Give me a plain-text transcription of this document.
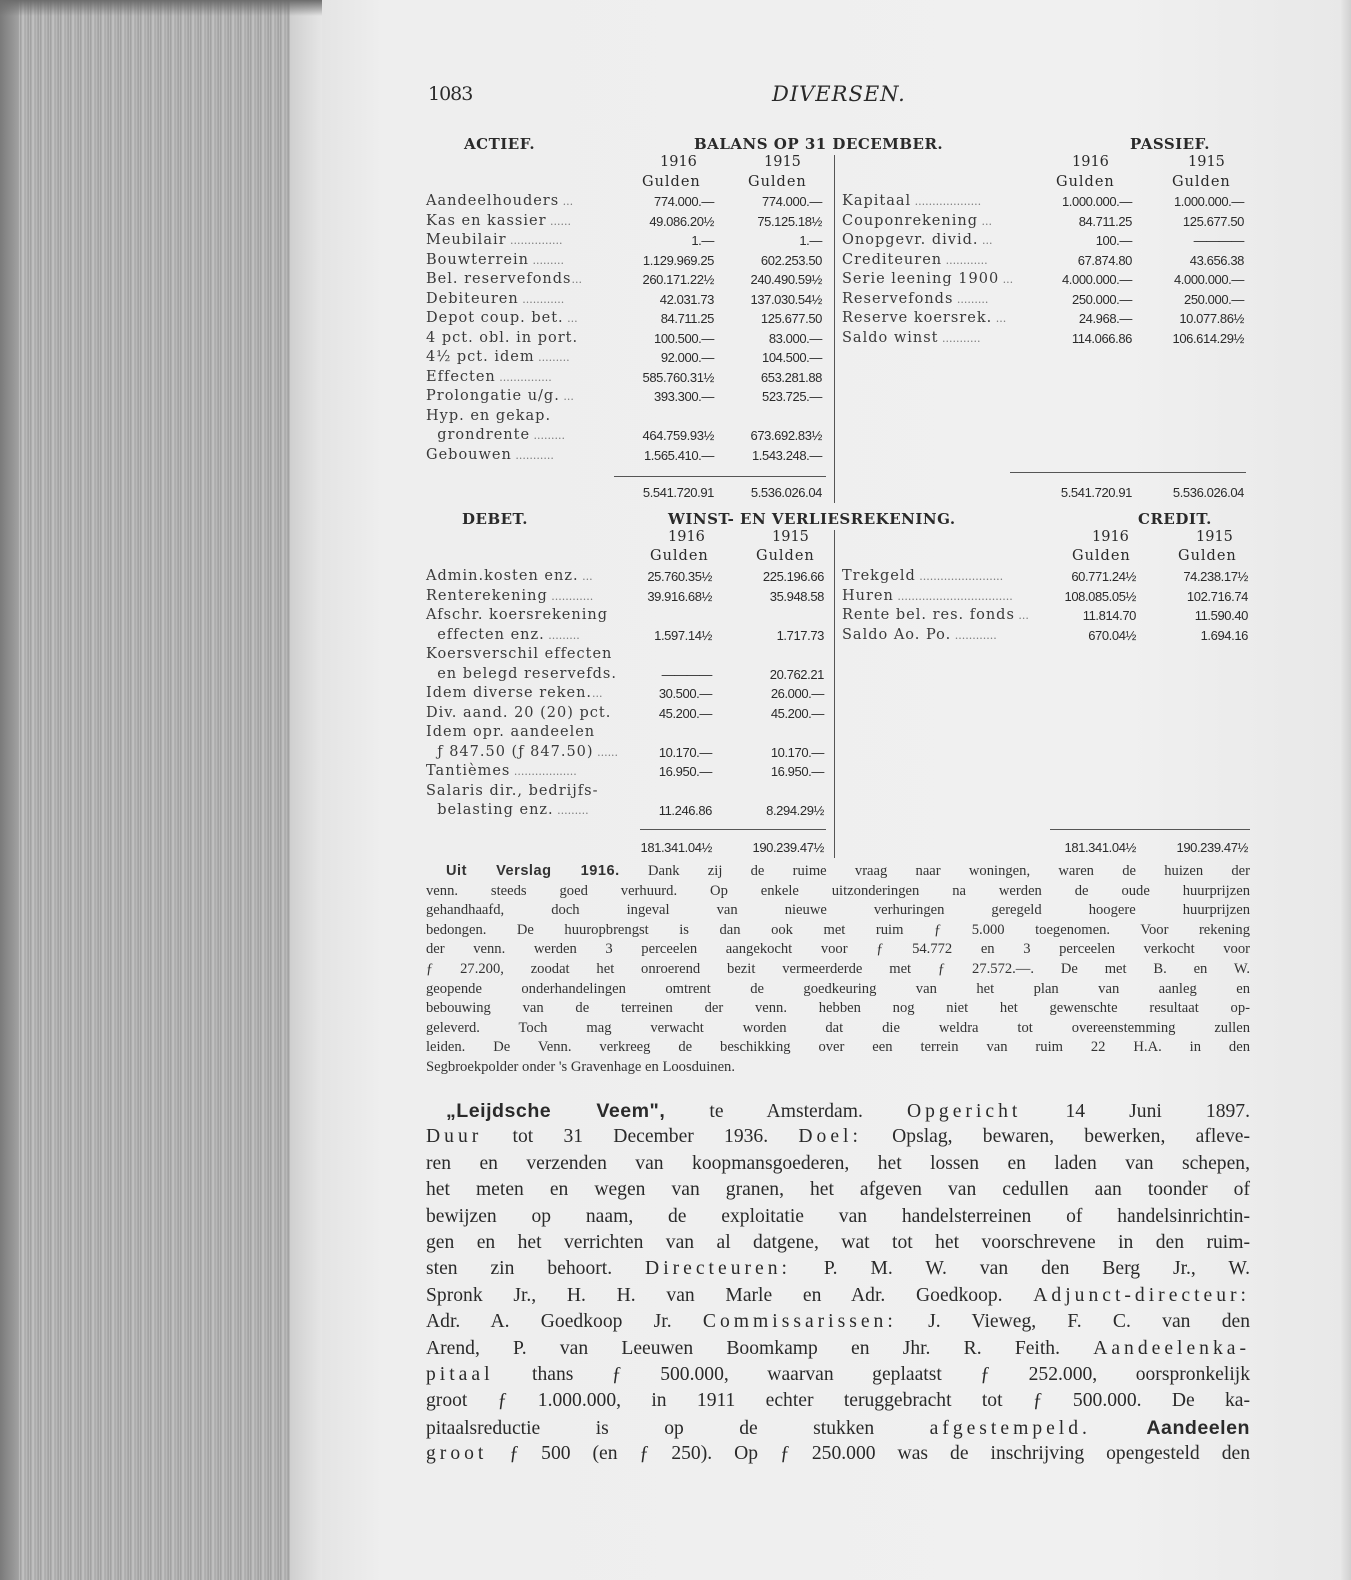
1083	DIVERSEN.
ACTIEF.	BALANS OP 31 DECEMBER.	PASSIEF.
1916	1915	1916	1915
Gulden	Gulden	Gulden	Gulden
Aandeelhouders ...	774.000.—	774.000.—
Kas en kassier ......	49.086.20½	75.125.18½
Meubilair ...............	1.—	1.—
Bouwterrein .........	1.129.969.25	602.253.50
Bel. reservefonds...	260.171.22½	240.490.59½
Debiteuren ............	42.031.73	137.030.54½
Depot coup. bet. ...	84.711.25	125.677.50
4 pct. obl. in port.	100.500.—	83.000.—
4½ pct. idem .........	92.000.—	104.500.—
Effecten ...............	585.760.31½	653.281.88
Prolongatie u/g. ...	393.300.—	523.725.—
Hyp. en gekap.
grondrente .........	464.759.93½	673.692.83½
Gebouwen ...........	1.565.410.—	1.543.248.—
5.541.720.91	5.536.026.04
Kapitaal ...................	1.000.000.—	1.000.000.—
Couponrekening ...	84.711.25	125.677.50
Onopgevr. divid. ...	100.—	————
Crediteuren ............	67.874.80	43.656.38
Serie leening 1900 ...	4.000.000.—	4.000.000.—
Reservefonds .........	250.000.—	250.000.—
Reserve koersrek. ...	24.968.—	10.077.86½
Saldo winst ...........	114.066.86	106.614.29½
5.541.720.91	5.536.026.04
DEBET.	WINST- EN VERLIESREKENING.	CREDIT.
1916	1915	1916	1915
Gulden	Gulden	Gulden	Gulden
Admin.kosten enz. ...	25.760.35½	225.196.66
Renterekening ............	39.916.68½	35.948.58
Afschr. koersrekening
effecten enz. .........	1.597.14½	1.717.73
Koersverschil effecten
en belegd reservefds.	————	20.762.21
Idem diverse reken....	30.500.—	26.000.—
Div. aand. 20 (20) pct.	45.200.—	45.200.—
Idem opr. aandeelen
ƒ 847.50 (ƒ 847.50) ......	10.170.—	10.170.—
Tantièmes ..................	16.950.—	16.950.—
Salaris dir., bedrijfs-
belasting enz. .........	11.246.86	8.294.29½
181.341.04½	190.239.47½
Trekgeld ........................	60.771.24½	74.238.17½
Huren .................................	108.085.05½	102.716.74
Rente bel. res. fonds ...	11.814.70	11.590.40
Saldo Ao. Po. ............	670.04½	1.694.16
181.341.04½	190.239.47½
Uit Verslag 1916. Dank zij de ruime vraag naar woningen, waren de huizen der
venn. steeds goed verhuurd. Op enkele uitzonderingen na werden de oude huurprijzen
gehandhaafd, doch ingeval van nieuwe verhuringen geregeld hoogere huurprijzen
bedongen. De huuropbrengst is dan ook met ruim ƒ 5.000 toegenomen. Voor rekening
der venn. werden 3 perceelen aangekocht voor ƒ 54.772 en 3 perceelen verkocht voor
ƒ 27.200, zoodat het onroerend bezit vermeerderde met ƒ 27.572.—. De met B. en W.
geopende onderhandelingen omtrent de goedkeuring van het plan van aanleg en
bebouwing van de terreinen der venn. hebben nog niet het gewenschte resultaat op-
geleverd. Toch mag verwacht worden dat die weldra tot overeenstemming zullen
leiden. De Venn. verkreeg de beschikking over een terrein van ruim 22 H.A. in den
Segbroekpolder onder 's Gravenhage en Loosduinen.
„Leijdsche Veem", te Amsterdam. Opgericht 14 Juni 1897.
Duur tot 31 December 1936. Doel: Opslag, bewaren, bewerken, afleve-
ren en verzenden van koopmansgoederen, het lossen en laden van schepen,
het meten en wegen van granen, het afgeven van cedullen aan toonder of
bewijzen op naam, de exploitatie van handelsterreinen of handelsinrichtin-
gen en het verrichten van al datgene, wat tot het voorschrevene in den ruim-
sten zin behoort. Directeuren: P. M. W. van den Berg Jr., W.
Spronk Jr., H. H. van Marle en Adr. Goedkoop. Adjunct-directeur:
Adr. A. Goedkoop Jr. Commissarissen: J. Vieweg, F. C. van den
Arend, P. van Leeuwen Boomkamp en Jhr. R. Feith. Aandeelenka-
pitaal thans ƒ 500.000, waarvan geplaatst ƒ 252.000, oorspronkelijk
groot ƒ 1.000.000, in 1911 echter teruggebracht tot ƒ 500.000. De ka-
pitaalsreductie is op de stukken afgestempeld.	Aandeelen
groot ƒ 500 (en ƒ 250). Op ƒ 250.000 was de inschrijving opengesteld den
